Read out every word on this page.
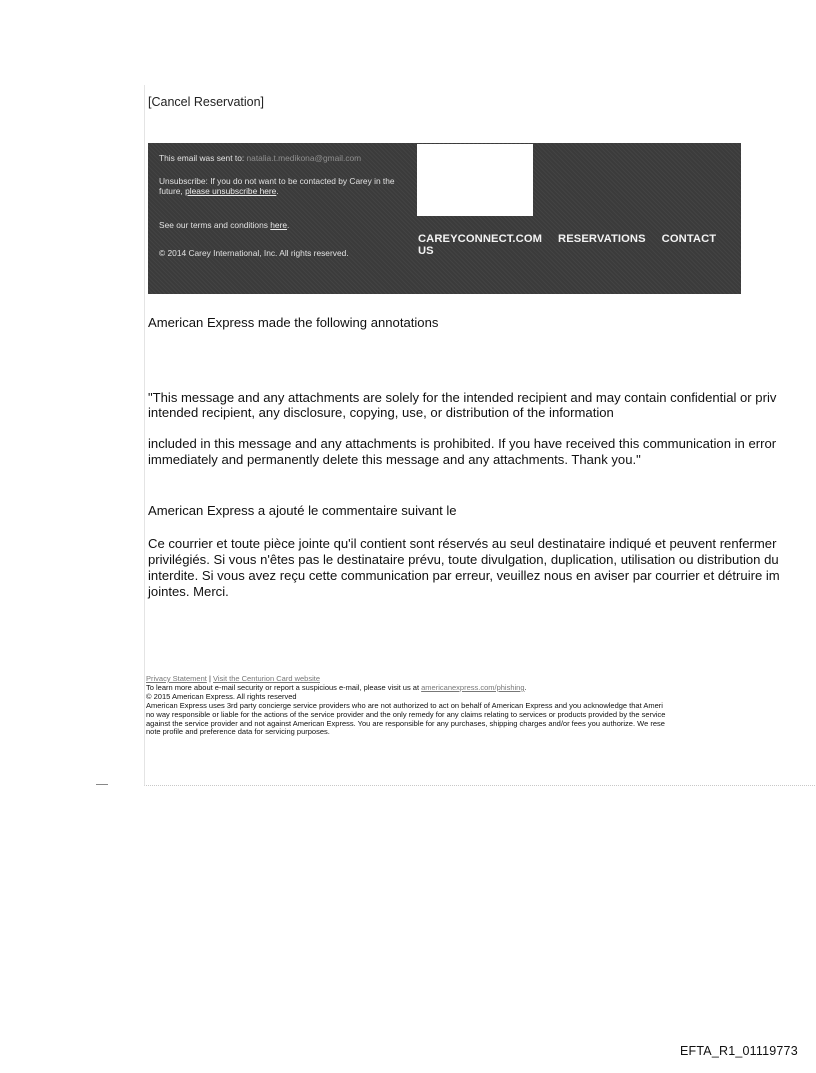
[Cancel Reservation]
This email was sent to: natalia.t.medikona@gmail.com
Unsubscribe: If you do not want to be contacted by Carey in the future, please unsubscribe here.
See our terms and conditions here.
© 2014 Carey International, Inc. All rights reserved.
CAREYCONNECT.COM RESERVATIONS CONTACT
US
American Express made the following annotations
"This message and any attachments are solely for the intended recipient and may contain confidential or priv
intended recipient, any disclosure, copying, use, or distribution of the information
included in this message and any attachments is prohibited. If you have received this communication in error
immediately and permanently delete this message and any attachments. Thank you."
American Express a ajouté le commentaire suivant le
Ce courrier et toute pièce jointe qu'il contient sont réservés au seul destinataire indiqué et peuvent renfermer
privilégiés. Si vous n'êtes pas le destinataire prévu, toute divulgation, duplication, utilisation ou distribution du
interdite. Si vous avez reçu cette communication par erreur, veuillez nous en aviser par courrier et détruire im
jointes. Merci.
Privacy Statement | Visit the Centurion Card website
To learn more about e-mail security or report a suspicious e-mail, please visit us at americanexpress.com/phishing.
© 2015 American Express. All rights reserved
American Express uses 3rd party concierge service providers who are not authorized to act on behalf of American Express and you acknowledge that Ameri
no way responsible or liable for the actions of the service provider and the only remedy for any claims relating to services or products provided by the service
against the service provider and not against American Express. You are responsible for any purchases, shipping charges and/or fees you authorize. We rese
note profile and preference data for servicing purposes.
EFTA_R1_01119773
